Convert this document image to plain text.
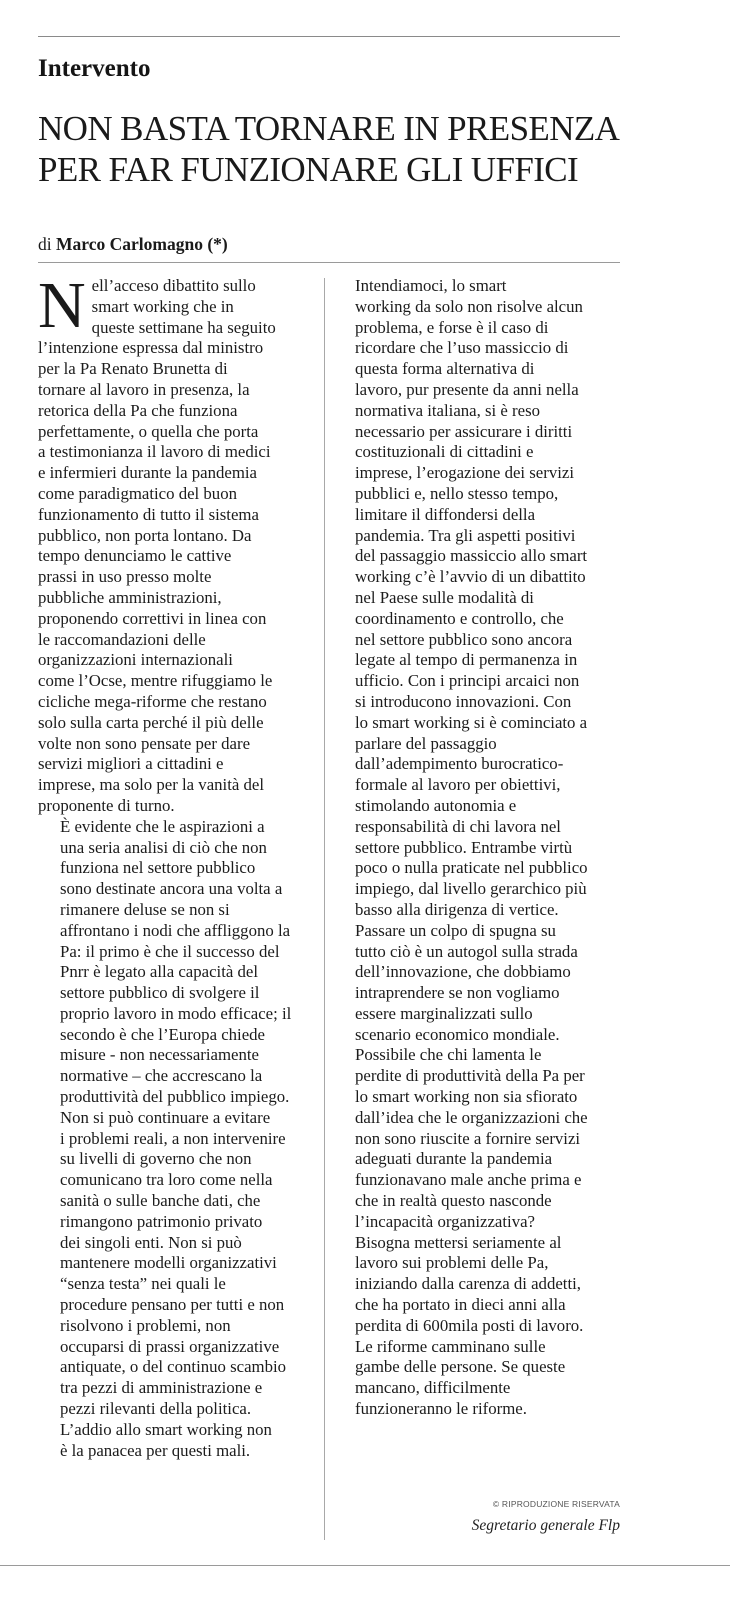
Intervento
NON BASTA TORNARE IN PRESENZA
PER FAR FUNZIONARE GLI UFFICI
di Marco Carlomagno (*)

N ell’acceso dibattito sullo
smart working che in
queste settimane ha seguito
l’intenzione espressa dal ministro
per la Pa Renato Brunetta di
tornare al lavoro in presenza, la
retorica della Pa che funziona
perfettamente, o quella che porta
a testimonianza il lavoro di medici
e infermieri durante la pandemia
come paradigmatico del buon
funzionamento di tutto il sistema
pubblico, non porta lontano. Da
tempo denunciamo le cattive
prassi in uso presso molte
pubbliche amministrazioni,
proponendo correttivi in linea con
le raccomandazioni delle
organizzazioni internazionali
come l’Ocse, mentre rifuggiamo le
cicliche mega-riforme che restano
solo sulla carta perché il più delle
volte non sono pensate per dare
servizi migliori a cittadini e
imprese, ma solo per la vanità del
proponente di turno.

È evidente che le aspirazioni a

una seria analisi di ciò che non
funziona nel settore pubblico
sono destinate ancora una volta a
rimanere deluse se non si
affrontano i nodi che affliggono la
Pa: il primo è che il successo del
Pnrr è legato alla capacità del
settore pubblico di svolgere il
proprio lavoro in modo efficace; il
secondo è che l’Europa chiede
misure - non necessariamente
normative – che accrescano la
produttività del pubblico impiego.

Non si può continuare a evitare

i problemi reali, a non intervenire
su livelli di governo che non
comunicano tra loro come nella
sanità o sulle banche dati, che
rimangono patrimonio privato
dei singoli enti. Non si può
mantenere modelli organizzativi
“senza testa” nei quali le
procedure pensano per tutti e non
risolvono i problemi, non
occuparsi di prassi organizzative
antiquate, o del continuo scambio
tra pezzi di amministrazione e
pezzi rilevanti della politica.

L’addio allo smart working non

è la panacea per questi mali.

Intendiamoci, lo smart

working da solo non risolve alcun
problema, e forse è il caso di
ricordare che l’uso massiccio di
questa forma alternativa di
lavoro, pur presente da anni nella
normativa italiana, si è reso
necessario per assicurare i diritti
costituzionali di cittadini e
imprese, l’erogazione dei servizi
pubblici e, nello stesso tempo,
limitare il diffondersi della
pandemia. Tra gli aspetti positivi
del passaggio massiccio allo smart
working c’è l’avvio di un dibattito
nel Paese sulle modalità di
coordinamento e controllo, che
nel settore pubblico sono ancora
legate al tempo di permanenza in
ufficio. Con i principi arcaici non
si introducono innovazioni. Con
lo smart working si è cominciato a
parlare del passaggio
dall’adempimento burocratico-
formale al lavoro per obiettivi,
stimolando autonomia e
responsabilità di chi lavora nel
settore pubblico. Entrambe virtù
poco o nulla praticate nel pubblico
impiego, dal livello gerarchico più
basso alla dirigenza di vertice.

Passare un colpo di spugna su

tutto ciò è un autogol sulla strada
dell’innovazione, che dobbiamo
intraprendere se non vogliamo
essere marginalizzati sullo
scenario economico mondiale.

Possibile che chi lamenta le

perdite di produttività della Pa per
lo smart working non sia sfiorato
dall’idea che le organizzazioni che
non sono riuscite a fornire servizi
adeguati durante la pandemia
funzionavano male anche prima e
che in realtà questo nasconde
l’incapacità organizzativa?

Bisogna mettersi seriamente al

lavoro sui problemi delle Pa,
iniziando dalla carenza di addetti,
che ha portato in dieci anni alla
perdita di 600mila posti di lavoro.
Le riforme camminano sulle
gambe delle persone. Se queste
mancano, difficilmente
funzioneranno le riforme.

© RIPRODUZIONE RISERVATA
Segretario generale Flp
